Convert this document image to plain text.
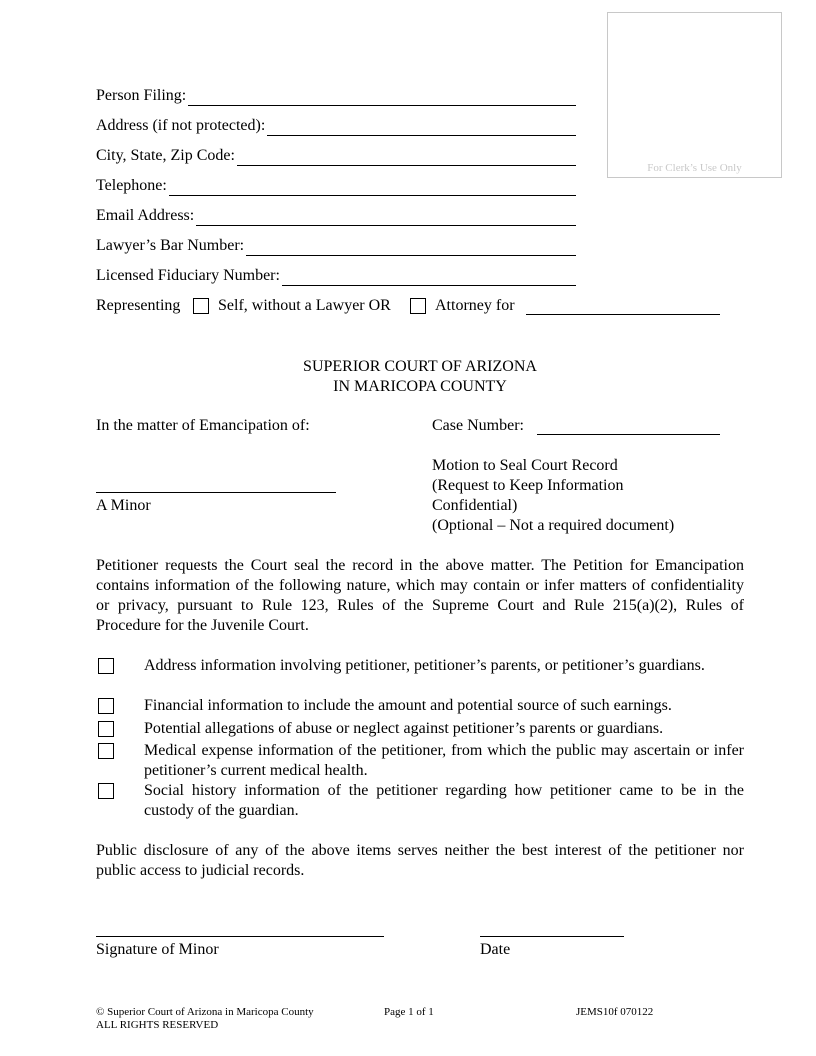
For Clerk’s Use Only
Person Filing:
Address (if not protected):
City, State, Zip Code:
Telephone:
Email Address:
Lawyer’s Bar Number:
Licensed Fiduciary Number:
Representing Self, without a Lawyer OR	Attorney for
SUPERIOR COURT OF ARIZONA
IN MARICOPA COUNTY
In the matter of Emancipation of:	Case Number:
A Minor
Motion to Seal Court Record
(Request to Keep Information
Confidential)
(Optional – Not a required document)
Petitioner requests the Court seal the record in the above matter. The Petition for Emancipation contains information of the following nature, which may contain or infer matters of confidentiality or privacy, pursuant to Rule 123, Rules of the Supreme Court and Rule 215(a)(2), Rules of Procedure for the Juvenile Court.
Address information involving petitioner, petitioner’s parents, or petitioner’s guardians.
Financial information to include the amount and potential source of such earnings.
Potential allegations of abuse or neglect against petitioner’s parents or guardians.
Medical expense information of the petitioner, from which the public may ascertain or infer petitioner’s current medical health.
Social history information of the petitioner regarding how petitioner came to be in the custody of the guardian.
Public disclosure of any of the above items serves neither the best interest of the petitioner nor public access to judicial records.
Signature of Minor	Date
© Superior Court of Arizona in Maricopa County
ALL RIGHTS RESERVED
Page 1 of 1	JEMS10f 070122
